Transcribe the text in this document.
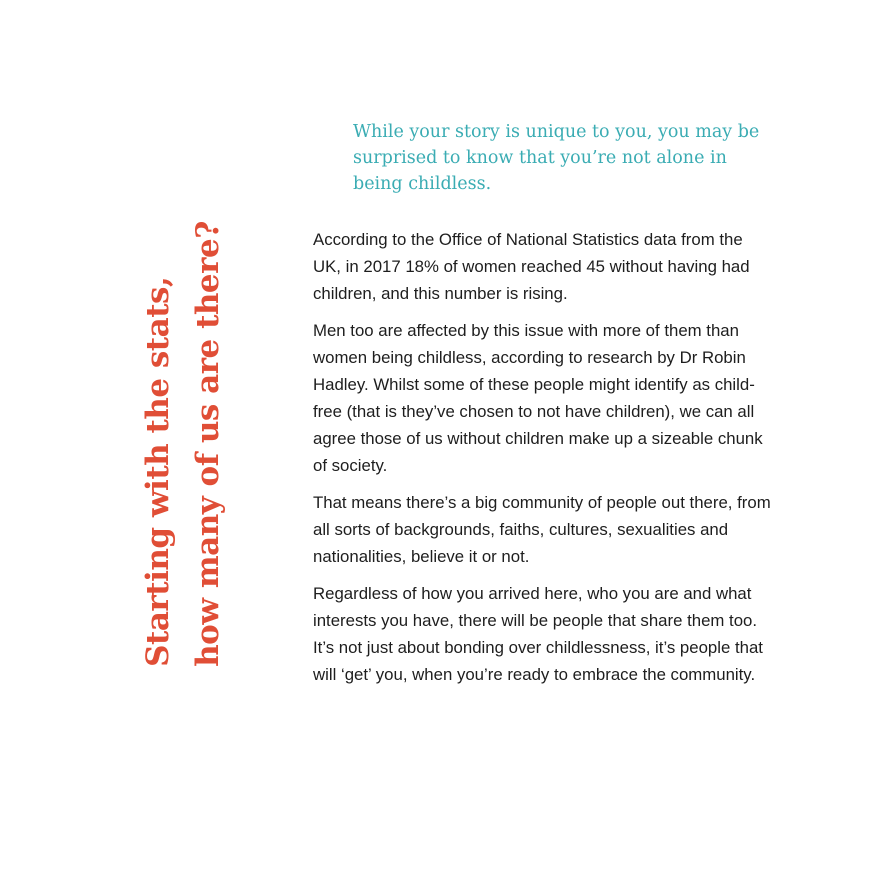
Starting with the stats, how many of us are there?

While your story is unique to you, you may be surprised to know that you’re not alone in being childless.

According to the Office of National Statistics data from the UK, in 2017 18% of women reached 45 without having had children, and this number is rising.

Men too are affected by this issue with more of them than women being childless, according to research by Dr Robin Hadley. Whilst some of these people might identify as child-free (that is they’ve chosen to not have children), we can all agree those of us without children make up a sizeable chunk of society.

That means there’s a big community of people out there, from all sorts of backgrounds, faiths, cultures, sexualities and nationalities, believe it or not.

Regardless of how you arrived here, who you are and what interests you have, there will be people that share them too. It’s not just about bonding over childlessness, it’s people that will ‘get’ you, when you’re ready to embrace the community.
